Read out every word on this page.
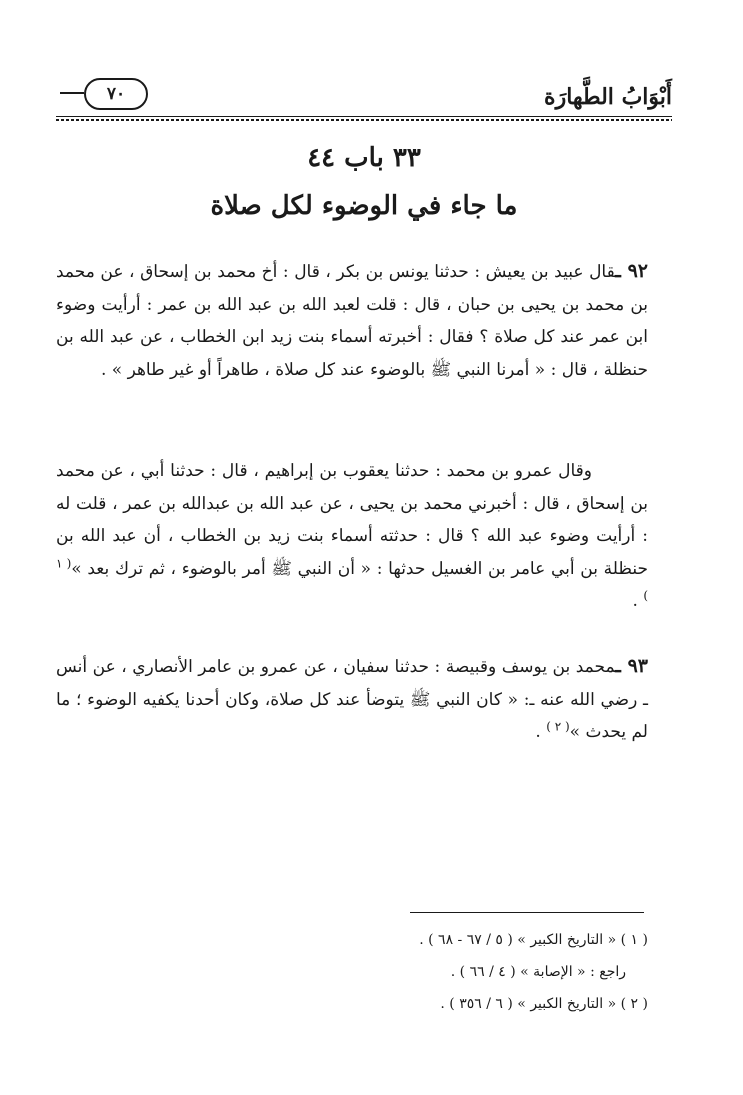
أَبْوَابُ الطَّهارَة
٧٠
٣٣ باب ٤٤
ما جاء في الوضوء لكل صلاة
٩٢ ـقال عبيد بن يعيش : حدثنا يونس بن بكر ، قال : أخ محمد بن إسحاق ، عن محمد بن محمد بن يحيى بن حبان ، قال : قلت لعبد الله بن عبد الله بن عمر : أرأيت وضوء ابن عمر عند كل صلاة ؟ فقال : أخبرته أسماء بنت زيد ابن الخطاب ، عن عبد الله بن حنظلة ، قال : « أمرنا النبي ﷺ بالوضوء عند كل صلاة ، طاهراً أو غير طاهر » .
وقال عمرو بن محمد : حدثنا يعقوب بن إبراهيم ، قال : حدثنا أبي ، عن محمد بن إسحاق ، قال : أخبرني محمد بن يحيى ، عن عبد الله بن عبدالله بن عمر ، قلت له : أرأيت وضوء عبد الله ؟ قال : حدثته أسماء بنت زيد بن الخطاب ، أن عبد الله بن حنظلة بن أبي عامر بن الغسيل حدثها : « أن النبي ﷺ أمر بالوضوء ، ثم ترك بعد »$^{( ١ )}$ .
٩٣ ـمحمد بن يوسف وقبيصة : حدثنا سفيان ، عن عمرو بن عامر الأنصاري ، عن أنس ـ رضي الله عنه ـ: « كان النبي ﷺ يتوضأ عند كل صلاة، وكان أحدنا يكفيه الوضوء ؛ ما لم يحدث »$^{( ٢ )}$ .
( ١ ) « التاريخ الكبير » ( ٥ / ٦٧ - ٦٨ ) .
راجع : « الإصابة » ( ٤ / ٦٦ ) .
( ٢ ) « التاريخ الكبير » ( ٦ / ٣٥٦ ) .
